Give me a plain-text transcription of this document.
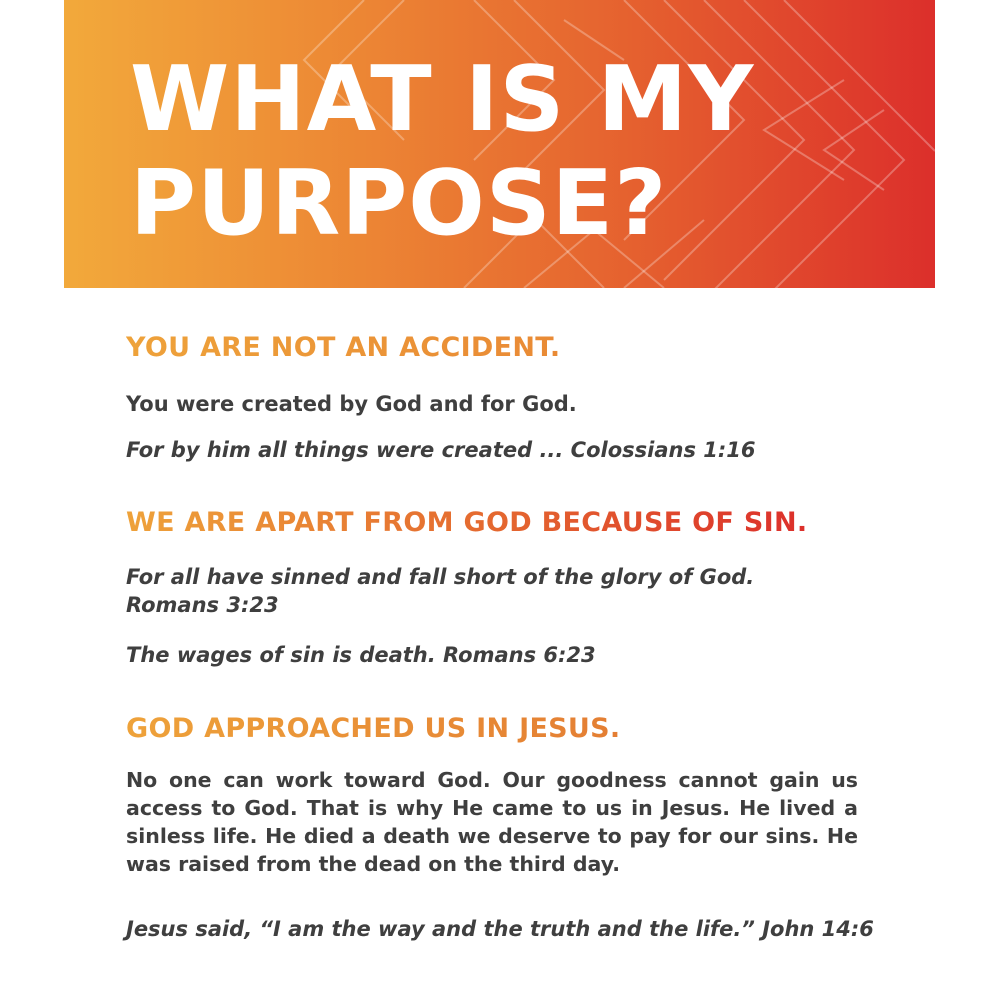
WHAT IS MY
PURPOSE?
YOU ARE NOT AN ACCIDENT.

You were created by God and for God.

For by him all things were created ... Colossians 1:16

WE ARE APART FROM GOD BECAUSE OF SIN.

For all have sinned and fall short of the glory of God. Romans 3:23

The wages of sin is death. Romans 6:23

GOD APPROACHED US IN JESUS.

No one can work toward God. Our goodness cannot gain us access to God. That is why He came to us in Jesus. He lived a sinless life. He died a death we deserve to pay for our sins. He was raised from the dead on the third day.

Jesus said, “I am the way and the truth and the life.” John 14:6
